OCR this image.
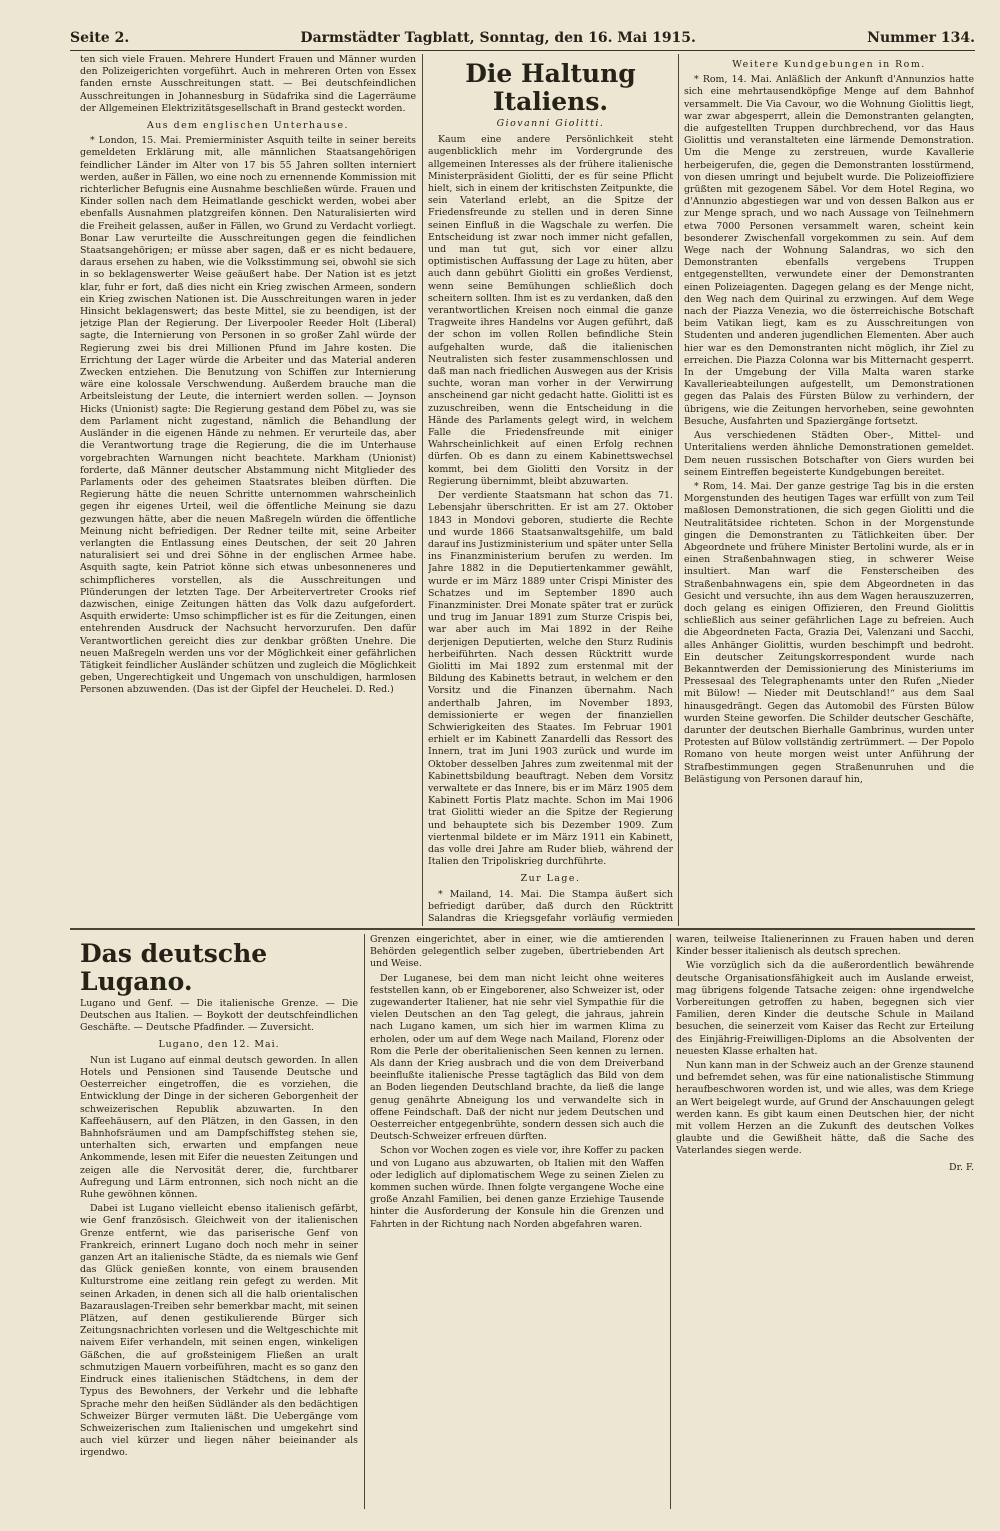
Seite 2.	Darmstädter Tagblatt, Sonntag, den 16. Mai 1915.	Nummer 134.

ten sich viele Frauen. Mehrere Hundert Frauen und Männer wurden den Polizeigerichten vorgeführt. Auch in mehreren Orten von Essex fanden ernste Ausschreitungen statt. — Bei deutschfeindlichen Ausschreitungen in Johannesburg in Südafrika sind die Lagerräume der Allgemeinen Elektrizitätsgesellschaft in Brand gesteckt worden.

Aus dem englischen Unterhause.

* London, 15. Mai. Premierminister Asquith teilte in seiner bereits gemeldeten Erklärung mit, alle männlichen Staatsangehörigen feindlicher Länder im Alter von 17 bis 55 Jahren sollten interniert werden, außer in Fällen, wo eine noch zu ernennende Kommission mit richterlicher Befugnis eine Ausnahme beschließen würde. Frauen und Kinder sollen nach dem Heimatlande geschickt werden, wobei aber ebenfalls Ausnahmen platzgreifen können. Den Naturalisierten wird die Freiheit gelassen, außer in Fällen, wo Grund zu Verdacht vorliegt. Bonar Law verurteilte die Ausschreitungen gegen die feindlichen Staatsangehörigen; er müsse aber sagen, daß er es nicht bedauere, daraus ersehen zu haben, wie die Volksstimmung sei, obwohl sie sich in so beklagenswerter Weise geäußert habe. Der Nation ist es jetzt klar, fuhr er fort, daß dies nicht ein Krieg zwischen Armeen, sondern ein Krieg zwischen Nationen ist. Die Ausschreitungen waren in jeder Hinsicht beklagenswert; das beste Mittel, sie zu beendigen, ist der jetzige Plan der Regierung. Der Liverpooler Reeder Holt (Liberal) sagte, die Internierung von Personen in so großer Zahl würde der Regierung zwei bis drei Millionen Pfund im Jahre kosten. Die Errichtung der Lager würde die Arbeiter und das Material anderen Zwecken entziehen. Die Benutzung von Schiffen zur Internierung wäre eine kolossale Verschwendung. Außerdem brauche man die Arbeitsleistung der Leute, die interniert werden sollen. — Joynson Hicks (Unionist) sagte: Die Regierung gestand dem Pöbel zu, was sie dem Parlament nicht zugestand, nämlich die Behandlung der Ausländer in die eigenen Hände zu nehmen. Er verurteile das, aber die Verantwortung trage die Regierung, die die im Unterhause vorgebrachten Warnungen nicht beachtete. Markham (Unionist) forderte, daß Männer deutscher Abstammung nicht Mitglieder des Parlaments oder des geheimen Staatsrates bleiben dürften. Die Regierung hätte die neuen Schritte unternommen wahrscheinlich gegen ihr eigenes Urteil, weil die öffentliche Meinung sie dazu gezwungen hätte, aber die neuen Maßregeln würden die öffentliche Meinung nicht befriedigen. Der Redner teilte mit, seine Arbeiter verlangten die Entlassung eines Deutschen, der seit 20 Jahren naturalisiert sei und drei Söhne in der englischen Armee habe. Asquith sagte, kein Patriot könne sich etwas unbesonneneres und schimpflicheres vorstellen, als die Ausschreitungen und Plünderungen der letzten Tage. Der Arbeitervertreter Crooks rief dazwischen, einige Zeitungen hätten das Volk dazu aufgefordert. Asquith erwiderte: Umso schimpflicher ist es für die Zeitungen, einen entehrenden Ausdruck der Nachsucht hervorzurufen. Den dafür Verantwortlichen gereicht dies zur denkbar größten Unehre. Die neuen Maßregeln werden uns vor der Möglichkeit einer gefährlichen Tätigkeit feindlicher Ausländer schützen und zugleich die Möglichkeit geben, Ungerechtigkeit und Ungemach von unschuldigen, harmlosen Personen abzuwenden. (Das ist der Gipfel der Heuchelei. D. Red.)

Die Haltung Italiens.
Giovanni Giolitti.

Kaum eine andere Persönlichkeit steht augenblicklich mehr im Vordergrunde des allgemeinen Interesses als der frühere italienische Ministerpräsident Giolitti, der es für seine Pflicht hielt, sich in einem der kritischsten Zeitpunkte, die sein Vaterland erlebt, an die Spitze der Friedensfreunde zu stellen und in deren Sinne seinen Einfluß in die Wagschale zu werfen. Die Entscheidung ist zwar noch immer nicht gefallen, und man tut gut, sich vor einer allzu optimistischen Auffassung der Lage zu hüten, aber auch dann gebührt Giolitti ein großes Verdienst, wenn seine Bemühungen schließlich doch scheitern sollten. Ihm ist es zu verdanken, daß den verantwortlichen Kreisen noch einmal die ganze Tragweite ihres Handelns vor Augen geführt, daß der schon im vollen Rollen befindliche Stein aufgehalten wurde, daß die italienischen Neutralisten sich fester zusammenschlossen und daß man nach friedlichen Auswegen aus der Krisis suchte, woran man vorher in der Verwirrung anscheinend gar nicht gedacht hatte. Giolitti ist es zuzuschreiben, wenn die Entscheidung in die Hände des Parlaments gelegt wird, in welchem Falle die Friedensfreunde mit einiger Wahrscheinlichkeit auf einen Erfolg rechnen dürfen. Ob es dann zu einem Kabinettswechsel kommt, bei dem Giolitti den Vorsitz in der Regierung übernimmt, bleibt abzuwarten.

Der verdiente Staatsmann hat schon das 71. Lebensjahr überschritten. Er ist am 27. Oktober 1843 in Mondovi geboren, studierte die Rechte und wurde 1866 Staatsanwaltsgehilfe, um bald darauf ins Justizministerium und später unter Sella ins Finanzministerium berufen zu werden. Im Jahre 1882 in die Deputiertenkammer gewählt, wurde er im März 1889 unter Crispi Minister des Schatzes und im September 1890 auch Finanzminister. Drei Monate später trat er zurück und trug im Januar 1891 zum Sturze Crispis bei, war aber auch im Mai 1892 in der Reihe derjenigen Deputierten, welche den Sturz Rudinis herbeiführten. Nach dessen Rücktritt wurde Giolitti im Mai 1892 zum erstenmal mit der Bildung des Kabinetts betraut, in welchem er den Vorsitz und die Finanzen übernahm. Nach anderthalb Jahren, im November 1893, demissionierte er wegen der finanziellen Schwierigkeiten des Staates. Im Februar 1901 erhielt er im Kabinett Zanardelli das Ressort des Innern, trat im Juni 1903 zurück und wurde im Oktober desselben Jahres zum zweitenmal mit der Kabinettsbildung beauftragt. Neben dem Vorsitz verwaltete er das Innere, bis er im März 1905 dem Kabinett Fortis Platz machte. Schon im Mai 1906 trat Giolitti wieder an die Spitze der Regierung und behauptete sich bis Dezember 1909. Zum viertenmal bildete er im März 1911 ein Kabinett, das volle drei Jahre am Ruder blieb, während der Italien den Tripoliskrieg durchführte.

Zur Lage.

* Mailand, 14. Mai. Die Stampa äußert sich befriedigt darüber, daß durch den Rücktritt Salandras die Kriegsgefahr vorläufig vermieden

Weitere Kundgebungen in Rom.

* Rom, 14. Mai. Anläßlich der Ankunft d'Annunzios hatte sich eine mehrtausendköpfige Menge auf dem Bahnhof versammelt. Die Via Cavour, wo die Wohnung Giolittis liegt, war zwar abgesperrt, allein die Demonstranten gelangten, die aufgestellten Truppen durchbrechend, vor das Haus Giolittis und veranstalteten eine lärmende Demonstration. Um die Menge zu zerstreuen, wurde Kavallerie herbeigerufen, die, gegen die Demonstranten losstürmend, von diesen umringt und bejubelt wurde. Die Polizeioffiziere grüßten mit gezogenem Säbel. Vor dem Hotel Regina, wo d'Annunzio abgestiegen war und von dessen Balkon aus er zur Menge sprach, und wo nach Aussage von Teilnehmern etwa 7000 Personen versammelt waren, scheint kein besonderer Zwischenfall vorgekommen zu sein. Auf dem Wege nach der Wohnung Salandras, wo sich den Demonstranten ebenfalls vergebens Truppen entgegenstellten, verwundete einer der Demonstranten einen Polizeiagenten. Dagegen gelang es der Menge nicht, den Weg nach dem Quirinal zu erzwingen. Auf dem Wege nach der Piazza Venezia, wo die österreichische Botschaft beim Vatikan liegt, kam es zu Ausschreitungen von Studenten und anderen jugendlichen Elementen. Aber auch hier war es den Demonstranten nicht möglich, ihr Ziel zu erreichen. Die Piazza Colonna war bis Mitternacht gesperrt. In der Umgebung der Villa Malta waren starke Kavallerieabteilungen aufgestellt, um Demonstrationen gegen das Palais des Fürsten Bülow zu verhindern, der übrigens, wie die Zeitungen hervorheben, seine gewohnten Besuche, Ausfahrten und Spaziergänge fortsetzt.

Aus verschiedenen Städten Ober-, Mittel- und Unteritaliens werden ähnliche Demonstrationen gemeldet. Dem neuen russischen Botschafter von Giers wurden bei seinem Eintreffen begeisterte Kundgebungen bereitet.

* Rom, 14. Mai. Der ganze gestrige Tag bis in die ersten Morgenstunden des heutigen Tages war erfüllt von zum Teil maßlosen Demonstrationen, die sich gegen Giolitti und die Neutralitätsidee richteten. Schon in der Morgenstunde gingen die Demonstranten zu Tätlichkeiten über. Der Abgeordnete und frühere Minister Bertolini wurde, als er in einen Straßenbahnwagen stieg, in schwerer Weise insultiert. Man warf die Fensterscheiben des Straßenbahnwagens ein, spie dem Abgeordneten in das Gesicht und versuchte, ihn aus dem Wagen herauszuzerren, doch gelang es einigen Offizieren, den Freund Giolittis schließlich aus seiner gefährlichen Lage zu befreien. Auch die Abgeordneten Facta, Grazia Dei, Valenzani und Sacchi, alles Anhänger Giolittis, wurden beschimpft und bedroht. Ein deutscher Zeitungskorrespondent wurde nach Bekanntwerden der Demissionierung des Ministeriums im Pressesaal des Telegraphenamts unter den Rufen „Nieder mit Bülow! — Nieder mit Deutschland!“ aus dem Saal hinausgedrängt. Gegen das Automobil des Fürsten Bülow wurden Steine geworfen. Die Schilder deutscher Geschäfte, darunter der deutschen Bierhalle Gambrinus, wurden unter Protesten auf Bülow vollständig zertrümmert. — Der Popolo Romano von heute morgen weist unter Anführung der Strafbestimmungen gegen Straßenunruhen und die Belästigung von Personen darauf hin,

Das deutsche Lugano.
Lugano und Genf. — Die italienische Grenze. — Die Deutschen aus Italien. — Boykott der deutschfeindlichen Geschäfte. — Deutsche Pfadfinder. — Zuversicht.
Lugano, den 12. Mai.

Nun ist Lugano auf einmal deutsch geworden. In allen Hotels und Pensionen sind Tausende Deutsche und Oesterreicher eingetroffen, die es vorziehen, die Entwicklung der Dinge in der sicheren Geborgenheit der schweizerischen Republik abzuwarten. In den Kaffeehäusern, auf den Plätzen, in den Gassen, in den Bahnhofsräumen und am Dampfschiffsteg stehen sie, unterhalten sich, erwarten und empfangen neue Ankommende, lesen mit Eifer die neuesten Zeitungen und zeigen alle die Nervosität derer, die, furchtbarer Aufregung und Lärm entronnen, sich noch nicht an die Ruhe gewöhnen können.

Dabei ist Lugano vielleicht ebenso italienisch gefärbt, wie Genf französisch. Gleichweit von der italienischen Grenze entfernt, wie das pariserische Genf von Frankreich, erinnert Lugano doch noch mehr in seiner ganzen Art an italienische Städte, da es niemals wie Genf das Glück genießen konnte, von einem brausenden Kulturstrome eine zeitlang rein gefegt zu werden. Mit seinen Arkaden, in denen sich all die halb orientalischen Bazarauslagen-Treiben sehr bemerkbar macht, mit seinen Plätzen, auf denen gestikulierende Bürger sich Zeitungsnachrichten vorlesen und die Weltgeschichte mit naivem Eifer verhandeln, mit seinen engen, winkeligen Gäßchen, die auf großsteinigem Fließen an uralt schmutzigen Mauern vorbeiführen, macht es so ganz den Eindruck eines italienischen Städtchens, in dem der Typus des Bewohners, der Verkehr und die lebhafte Sprache mehr den heißen Südländer als den bedächtigen Schweizer Bürger vermuten läßt. Die Uebergänge vom Schweizerischen zum Italienischen und umgekehrt sind auch viel kürzer und liegen näher beieinander als irgendwo.

Grenzen eingerichtet, aber in einer, wie die amtierenden Behörden gelegentlich selber zugeben, übertriebenden Art und Weise.

Der Luganese, bei dem man nicht leicht ohne weiteres feststellen kann, ob er Eingeborener, also Schweizer ist, oder zugewanderter Italiener, hat nie sehr viel Sympathie für die vielen Deutschen an den Tag gelegt, die jahraus, jahrein nach Lugano kamen, um sich hier im warmen Klima zu erholen, oder um auf dem Wege nach Mailand, Florenz oder Rom die Perle der oberitalienischen Seen kennen zu lernen. Als dann der Krieg ausbrach und die von dem Dreiverband beeinflußte italienische Presse tagtäglich das Bild von dem an Boden liegenden Deutschland brachte, da ließ die lange genug genährte Abneigung los und verwandelte sich in offene Feindschaft. Daß der nicht nur jedem Deutschen und Oesterreicher entgegenbrühte, sondern dessen sich auch die Deutsch-Schweizer erfreuen dürften.

Schon vor Wochen zogen es viele vor, ihre Koffer zu packen und von Lugano aus abzuwarten, ob Italien mit den Waffen oder lediglich auf diplomatischem Wege zu seinen Zielen zu kommen suchen würde. Ihnen folgte vergangene Woche eine große Anzahl Familien, bei denen ganze Erziehige Tausende hinter die Ausforderung der Konsule hin die Grenzen und Fahrten in der Richtung nach Norden abgefahren waren.

waren, teilweise Italienerinnen zu Frauen haben und deren Kinder besser italienisch als deutsch sprechen.

Wie vorzüglich sich da die außerordentlich bewährende deutsche Organisationsfähigkeit auch im Auslande erweist, mag übrigens folgende Tatsache zeigen: ohne irgendwelche Vorbereitungen getroffen zu haben, begegnen sich vier Familien, deren Kinder die deutsche Schule in Mailand besuchen, die seinerzeit vom Kaiser das Recht zur Erteilung des Einjährig-Freiwilligen-Diploms an die Absolventen der neuesten Klasse erhalten hat.

Nun kann man in der Schweiz auch an der Grenze staunend und befremdet sehen, was für eine nationalistische Stimmung heraufbeschworen worden ist, und wie alles, was dem Kriege an Wert beigelegt wurde, auf Grund der Anschauungen gelegt werden kann. Es gibt kaum einen Deutschen hier, der nicht mit vollem Herzen an die Zukunft des deutschen Volkes glaubte und die Gewißheit hätte, daß die Sache des Vaterlandes siegen werde.

Dr. F.
